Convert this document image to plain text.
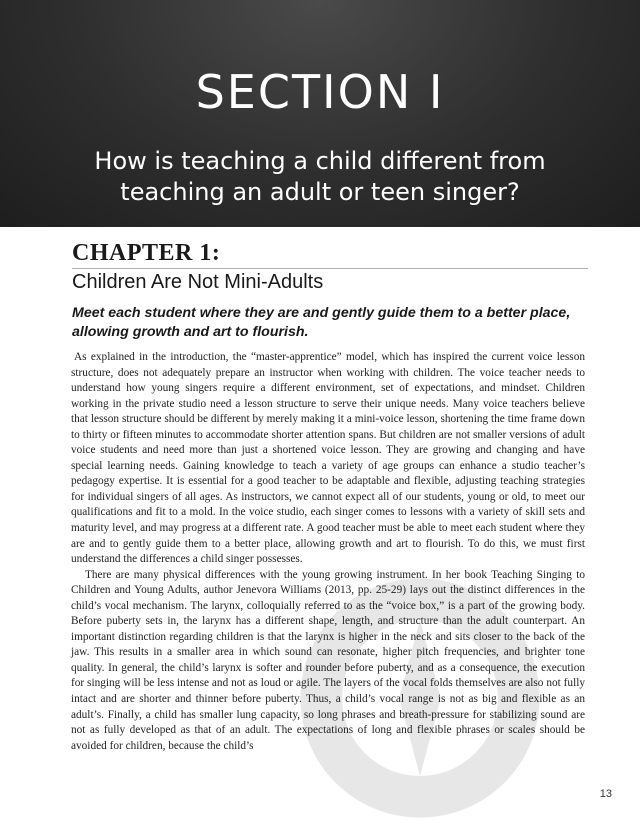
SECTION I
How is teaching a child different from teaching an adult or teen singer?
CHAPTER 1:
Children Are Not Mini-Adults
Meet each student where they are and gently guide them to a better place, allowing growth and art to flourish.

As explained in the introduction, the “master-apprentice” model, which has inspired the current voice lesson structure, does not adequately prepare an instructor when working with children. The voice teacher needs to understand how young singers require a different environment, set of expectations, and mindset. Children working in the private studio need a lesson structure to serve their unique needs. Many voice teachers believe that lesson structure should be different by merely making it a mini-voice lesson, shortening the time frame down to thirty or fifteen minutes to accommodate shorter attention spans. But children are not smaller versions of adult voice students and need more than just a shortened voice lesson. They are growing and changing and have special learning needs. Gaining knowledge to teach a variety of age groups can enhance a studio teacher’s pedagogy expertise. It is essential for a good teacher to be adaptable and flexible, adjusting teaching strategies for individual singers of all ages. As instructors, we cannot expect all of our students, young or old, to meet our qualifications and fit to a mold. In the voice studio, each singer comes to lessons with a variety of skill sets and maturity level, and may progress at a different rate. A good teacher must be able to meet each student where they are and to gently guide them to a better place, allowing growth and art to flourish. To do this, we must first understand the differences a child singer possesses.

There are many physical differences with the young growing instrument. In her book Teaching Singing to Children and Young Adults, author Jenevora Williams (2013, pp. 25-29) lays out the distinct differences in the child’s vocal mechanism. The larynx, colloquially referred to as the “voice box,” is a part of the growing body. Before puberty sets in, the larynx has a different shape, length, and structure than the adult counterpart. An important distinction regarding children is that the larynx is higher in the neck and sits closer to the back of the jaw. This results in a smaller area in which sound can resonate, higher pitch frequencies, and brighter tone quality. In general, the child’s larynx is softer and rounder before puberty, and as a consequence, the execution for singing will be less intense and not as loud or agile. The layers of the vocal folds themselves are also not fully intact and are shorter and thinner before puberty. Thus, a child’s vocal range is not as big and flexible as an adult’s. Finally, a child has smaller lung capacity, so long phrases and breath-pressure for stabilizing sound are not as fully developed as that of an adult. The expectations of long and flexible phrases or scales should be avoided for children, because the child’s

13
